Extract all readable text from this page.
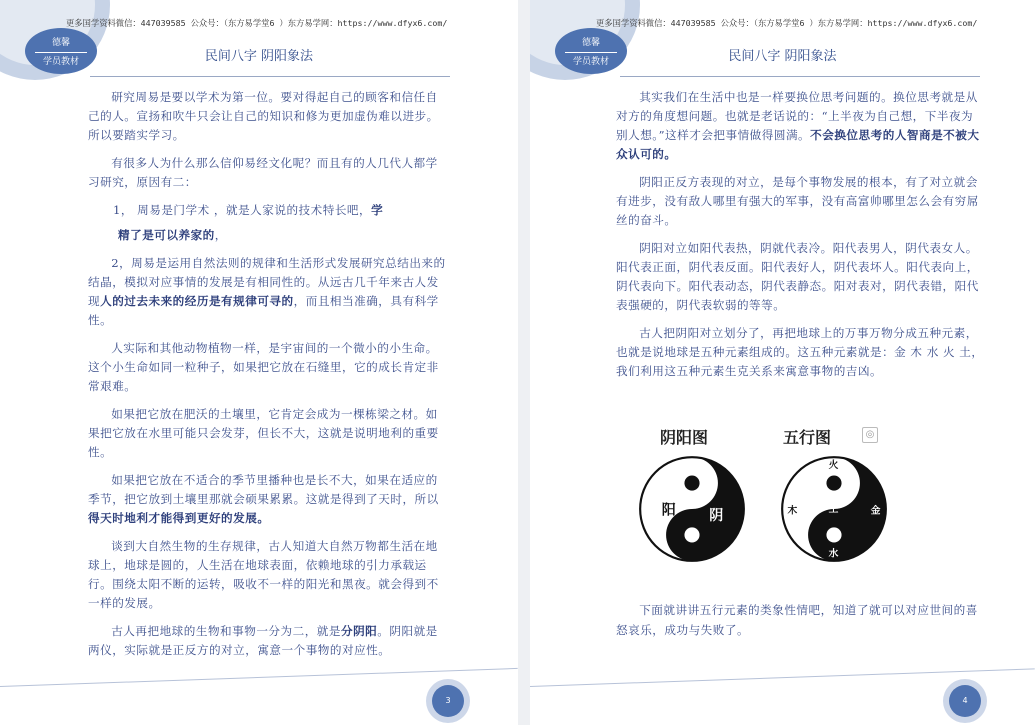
德馨
学员教材
更多国学资料微信：447039585 公众号：（东方易学堂6 ）东方易学网：https://www.dfyx6.com/
民间八字 阴阳象法

研究周易是要以学术为第一位。要对得起自己的顾客和信任自己的人。宣扬和吹牛只会让自己的知识和修为更加虚伪难以进步。所以要踏实学习。

有很多人为什么那么信仰易经文化呢？而且有的人几代人都学习研究，原因有二：

1， 周易是门学术 ，就是人家说的技术特长吧，学

精了是可以养家的，

2，周易是运用自然法则的规律和生活形式发展研究总结出来的结晶，模拟对应事情的发展是有相同性的。从远古几千年来古人发现人的过去未来的经历是有规律可寻的，而且相当准确，具有科学性。

人实际和其他动物植物一样，是宇宙间的一个微小的小生命。这个小生命如同一粒种子，如果把它放在石缝里，它的成长肯定非常艰难。

如果把它放在肥沃的土壤里，它肯定会成为一棵栋梁之材。如果把它放在水里可能只会发芽，但长不大，这就是说明地利的重要性。

如果把它放在不适合的季节里播种也是长不大，如果在适应的季节，把它放到土壤里那就会硕果累累。这就是得到了天时，所以得天时地利才能得到更好的发展。

谈到大自然生物的生存规律，古人知道大自然万物都生活在地球上，地球是圆的，人生活在地球表面，依赖地球的引力承载运行。围绕太阳不断的运转，吸收不一样的阳光和黑夜。就会得到不一样的发展。

古人再把地球的生物和事物一分为二，就是分阴阳。阴阳就是两仪，实际就是正反方的对立，寓意一个事物的对应性。

3
德馨
学员教材
更多国学资料微信：447039585 公众号：（东方易学堂6 ）东方易学网：https://www.dfyx6.com/
民间八字 阴阳象法

其实我们在生活中也是一样要换位思考问题的。换位思考就是从对方的角度想问题。也就是老话说的：“上半夜为自己想，下半夜为别人想。”这样才会把事情做得圆满。不会换位思考的人智商是不被大众认可的。

阴阳正反方表现的对立，是每个事物发展的根本，有了对立就会有进步，没有敌人哪里有强大的军事，没有高富帅哪里怎么会有穷屌丝的奋斗。

阴阳对立如阳代表热，阴就代表冷。阳代表男人，阴代表女人。阳代表正面，阴代表反面。阳代表好人，阴代表坏人。阳代表向上，阴代表向下。阳代表动态，阴代表静态。阳对表对，阴代表错，阳代表强硬的，阴代表软弱的等等。

古人把阴阳对立划分了，再把地球上的万事万物分成五种元素，也就是说地球是五种元素组成的。这五种元素就是：金 木 水 火 土，我们利用这五种元素生克关系来寓意事物的吉凶。

阴阳图	五行图	◎
阳	阴
火
木	土	金
水

下面就讲讲五行元素的类象性情吧，知道了就可以对应世间的喜怒哀乐，成功与失败了。

4
